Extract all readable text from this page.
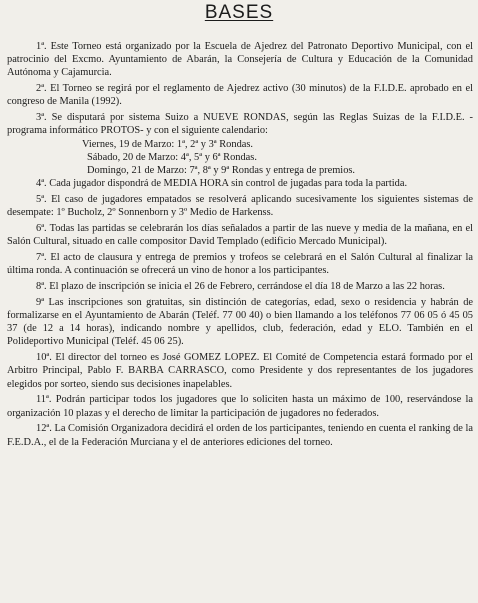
BASES

1ª. Este Torneo está organizado por la Escuela de Ajedrez del Patronato Deportivo Municipal, con el patrocinio del Excmo. Ayuntamiento de Abarán, la Consejería de Cultura y Educación de la Comunidad Autónoma y Cajamurcia.

2ª. El Torneo se regirá por el reglamento de Ajedrez activo (30 minutos) de la F.I.D.E. aprobado en el congreso de Manila (1992).

3ª. Se disputará por sistema Suizo a NUEVE RONDAS, según las Reglas Suizas de la F.I.D.E. -programa informático PROTOS- y con el siguiente calendario:

Viernes, 19 de Marzo: 1ª, 2ª y 3ª Rondas.
Sábado, 20 de Marzo: 4ª, 5ª y 6ª Rondas.
Domingo, 21 de Marzo: 7ª, 8ª y 9ª Rondas y entrega de premios.

4ª. Cada jugador dispondrá de MEDIA HORA sin control de jugadas para toda la partida.

5ª. El caso de jugadores empatados se resolverá aplicando sucesivamente los siguientes sistemas de desempate: 1º Bucholz, 2º Sonnenborn y 3º Medio de Harkenss.

6ª. Todas las partidas se celebrarán los días señalados a partir de las nueve y media de la mañana, en el Salón Cultural, situado en calle compositor David Templado (edificio Mercado Municipal).

7ª. El acto de clausura y entrega de premios y trofeos se celebrará en el Salón Cultural al finalizar la última ronda. A continuación se ofrecerá un vino de honor a los participantes.

8ª. El plazo de inscripción se inicia el 26 de Febrero, cerrándose el día 18 de Marzo a las 22 horas.

9ª Las inscripciones son gratuitas, sin distinción de categorías, edad, sexo o residencia y habrán de formalizarse en el Ayuntamiento de Abarán (Teléf. 77 00 40) o bien llamando a los teléfonos 77 06 05 ó 45 05 37 (de 12 a 14 horas), indicando nombre y apellidos, club, federación, edad y ELO. También en el Polideportivo Municipal (Teléf. 45 06 25).

10ª. El director del torneo es José GOMEZ LOPEZ. El Comité de Competencia estará formado por el Arbitro Principal, Pablo F. BARBA CARRASCO, como Presidente y dos representantes de los jugadores elegidos por sorteo, siendo sus decisiones inapelables.

11ª. Podrán participar todos los jugadores que lo soliciten hasta un máximo de 100, reservándose la organización 10 plazas y el derecho de limitar la participación de jugadores no federados.

12ª. La Comisión Organizadora decidirá el orden de los participantes, teniendo en cuenta el ranking de la F.E.D.A., el de la Federación Murciana y el de anteriores ediciones del torneo.
